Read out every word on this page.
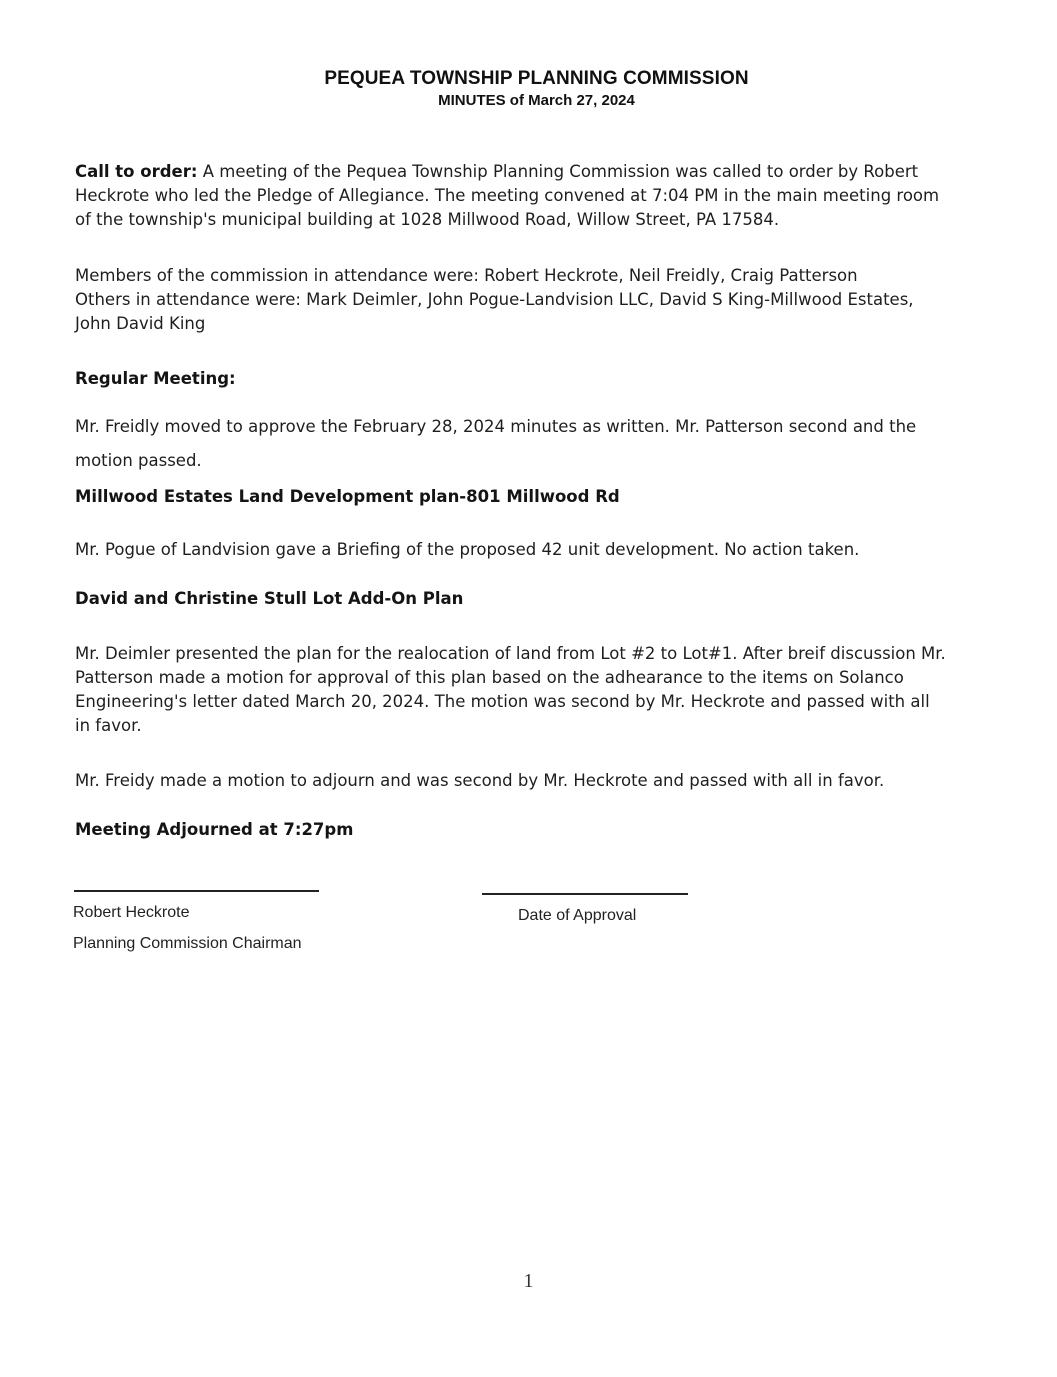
PEQUEA TOWNSHIP PLANNING COMMISSION
MINUTES of March 27, 2024
Call to order: A meeting of the Pequea Township Planning Commission was called to order by Robert
Heckrote who led the Pledge of Allegiance. The meeting convened at 7:04 PM in the main meeting room
of the township's municipal building at 1028 Millwood Road, Willow Street, PA 17584.
Members of the commission in attendance were: Robert Heckrote, Neil Freidly, Craig Patterson
Others in attendance were: Mark Deimler, John Pogue-Landvision LLC, David S King-Millwood Estates,
John David King
Regular Meeting:
Mr. Freidly moved to approve the February 28, 2024 minutes as written. Mr. Patterson second and the
motion passed.
Millwood Estates Land Development plan-801 Millwood Rd
Mr. Pogue of Landvision gave a Briefing of the proposed 42 unit development. No action taken.
David and Christine Stull Lot Add-On Plan
Mr. Deimler presented the plan for the realocation of land from Lot #2 to Lot#1. After breif discussion Mr.
Patterson made a motion for approval of this plan based on the adhearance to the items on Solanco
Engineering's letter dated March 20, 2024. The motion was second by Mr. Heckrote and passed with all
in favor.
Mr. Freidy made a motion to adjourn and was second by Mr. Heckrote and passed with all in favor.
Meeting Adjourned at 7:27pm
Robert Heckrote
Planning Commission Chairman
Date of Approval
1
